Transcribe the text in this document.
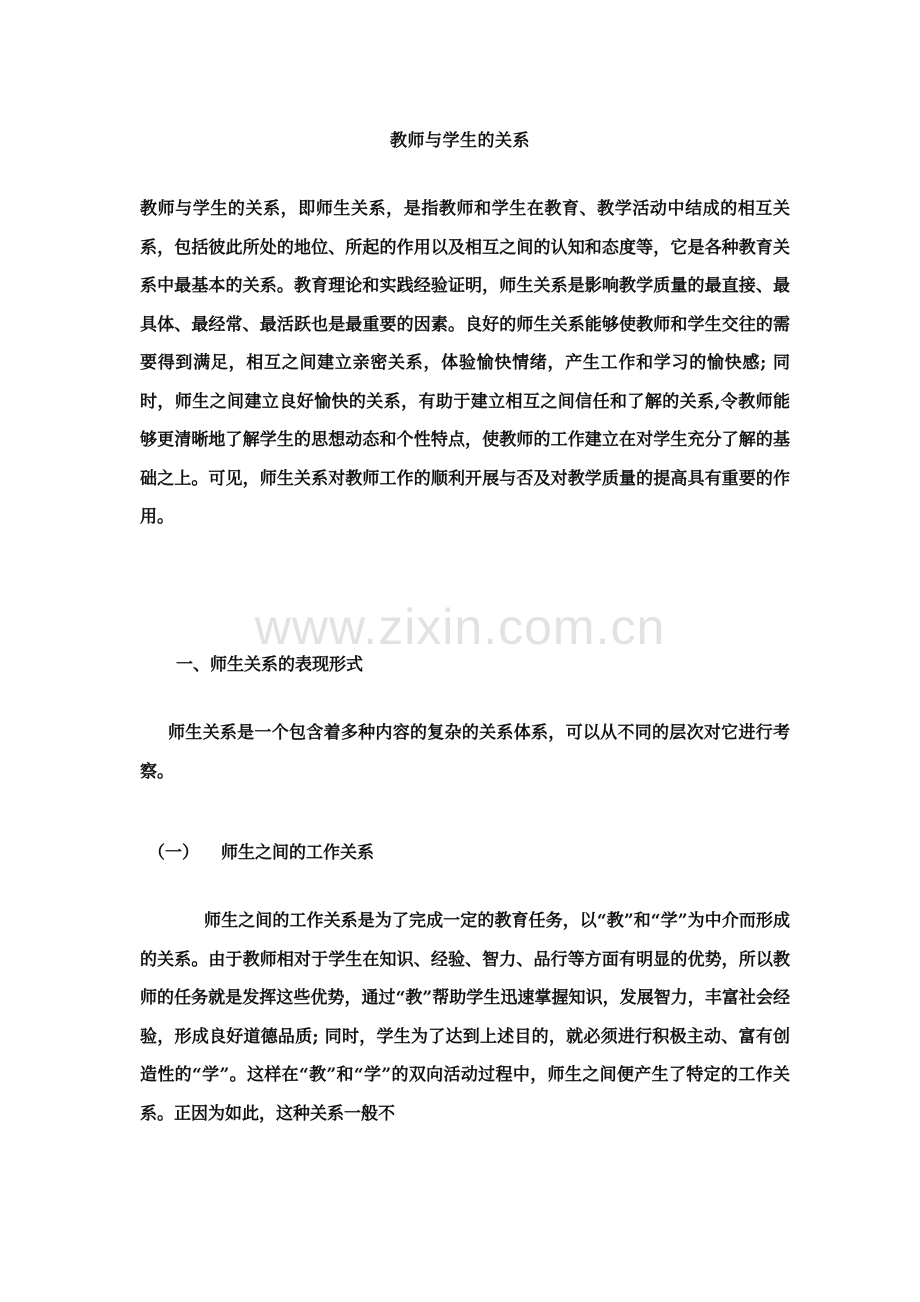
教师与学生的关系

教师与学生的关系，即师生关系，是指教师和学生在教育、教学活动中结成的相互关系，包括彼此所处的地位、所起的作用以及相互之间的认知和态度等，它是各种教育关系中最基本的关系。教育理论和实践经验证明，师生关系是影响教学质量的最直接、最具体、最经常、最活跃也是最重要的因素。良好的师生关系能够使教师和学生交往的需要得到满足，相互之间建立亲密关系，体验愉快情绪，产生工作和学习的愉快感; 同时，师生之间建立良好愉快的关系，有助于建立相互之间信任和了解的关系,令教师能够更清晰地了解学生的思想动态和个性特点，使教师的工作建立在对学生充分了解的基础之上。可见，师生关系对教师工作的顺利开展与否及对教学质量的提高具有重要的作用。

www.zixin.com.cn
一、师生关系的表现形式

师生关系是一个包含着多种内容的复杂的关系体系，可以从不同的层次对它进行考察。

（一） 师生之间的工作关系

师生之间的工作关系是为了完成一定的教育任务，以“教”和“学”为中介而形成的关系。由于教师相对于学生在知识、经验、智力、品行等方面有明显的优势，所以教师的任务就是发挥这些优势，通过“教”帮助学生迅速掌握知识，发展智力，丰富社会经验，形成良好道德品质; 同时，学生为了达到上述目的，就必须进行积极主动、富有创造性的“学”。这样在“教”和“学”的双向活动过程中，师生之间便产生了特定的工作关系。正因为如此，这种关系一般不
